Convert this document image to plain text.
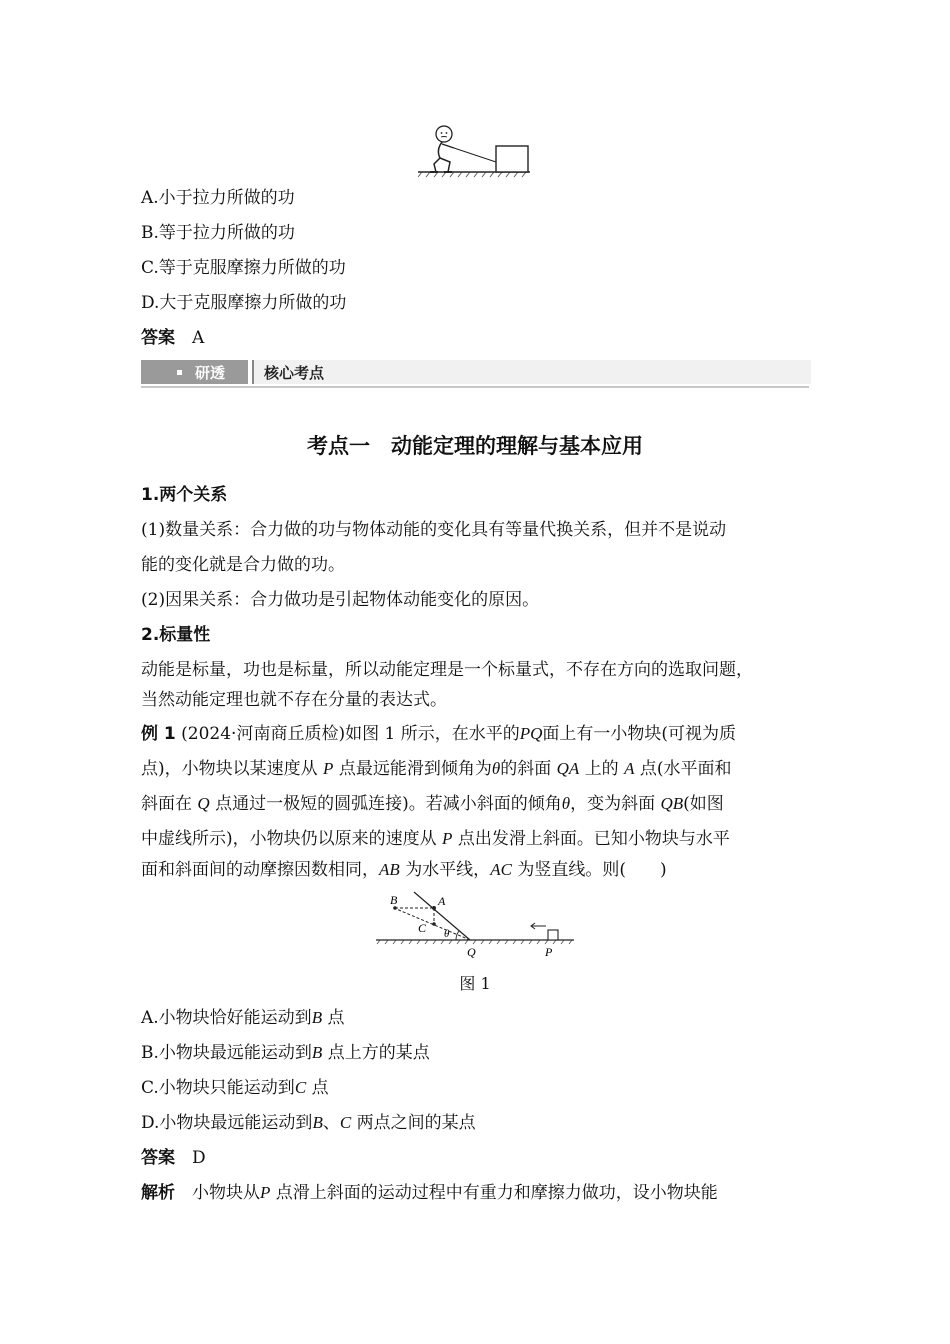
A.小于拉力所做的功
B.等于拉力所做的功
C.等于克服摩擦力所做的功
D.大于克服摩擦力所做的功
答案　 A
研透	核心考点
考点一　动能定理的理解与基本应用
1.两个关系
(1)数量关系：合力做的功与物体动能的变化具有等量代换关系，但并不是说动
能的变化就是合力做的功。
(2)因果关系：合力做功是引起物体动能变化的原因。
2.标量性
动能是标量，功也是标量，所以动能定理是一个标量式，不存在方向的选取问题，
当然动能定理也就不存在分量的表达式。
例 1 (2024·河南商丘质检)如图 1 所示，在水平的PQ面上有一小物块(可视为质
点)，小物块以某速度从 P 点最远能滑到倾角为θ的斜面 QA 上的 A 点(水平面和
斜面在 Q 点通过一极短的圆弧连接)。若减小斜面的倾角θ，变为斜面 QB(如图
中虚线所示)，小物块仍以原来的速度从 P 点出发滑上斜面。已知小物块与水平
面和斜面间的动摩擦因数相同，AB 为水平线，AC 为竖直线。则(　　)
B	A
C θ
Q	P
图 1
A.小物块恰好能运动到B 点
B.小物块最远能运动到B 点上方的某点
C.小物块只能运动到C 点
D.小物块最远能运动到B、C 两点之间的某点
答案　 D
解析　 小物块从P 点滑上斜面的运动过程中有重力和摩擦力做功，设小物块能
